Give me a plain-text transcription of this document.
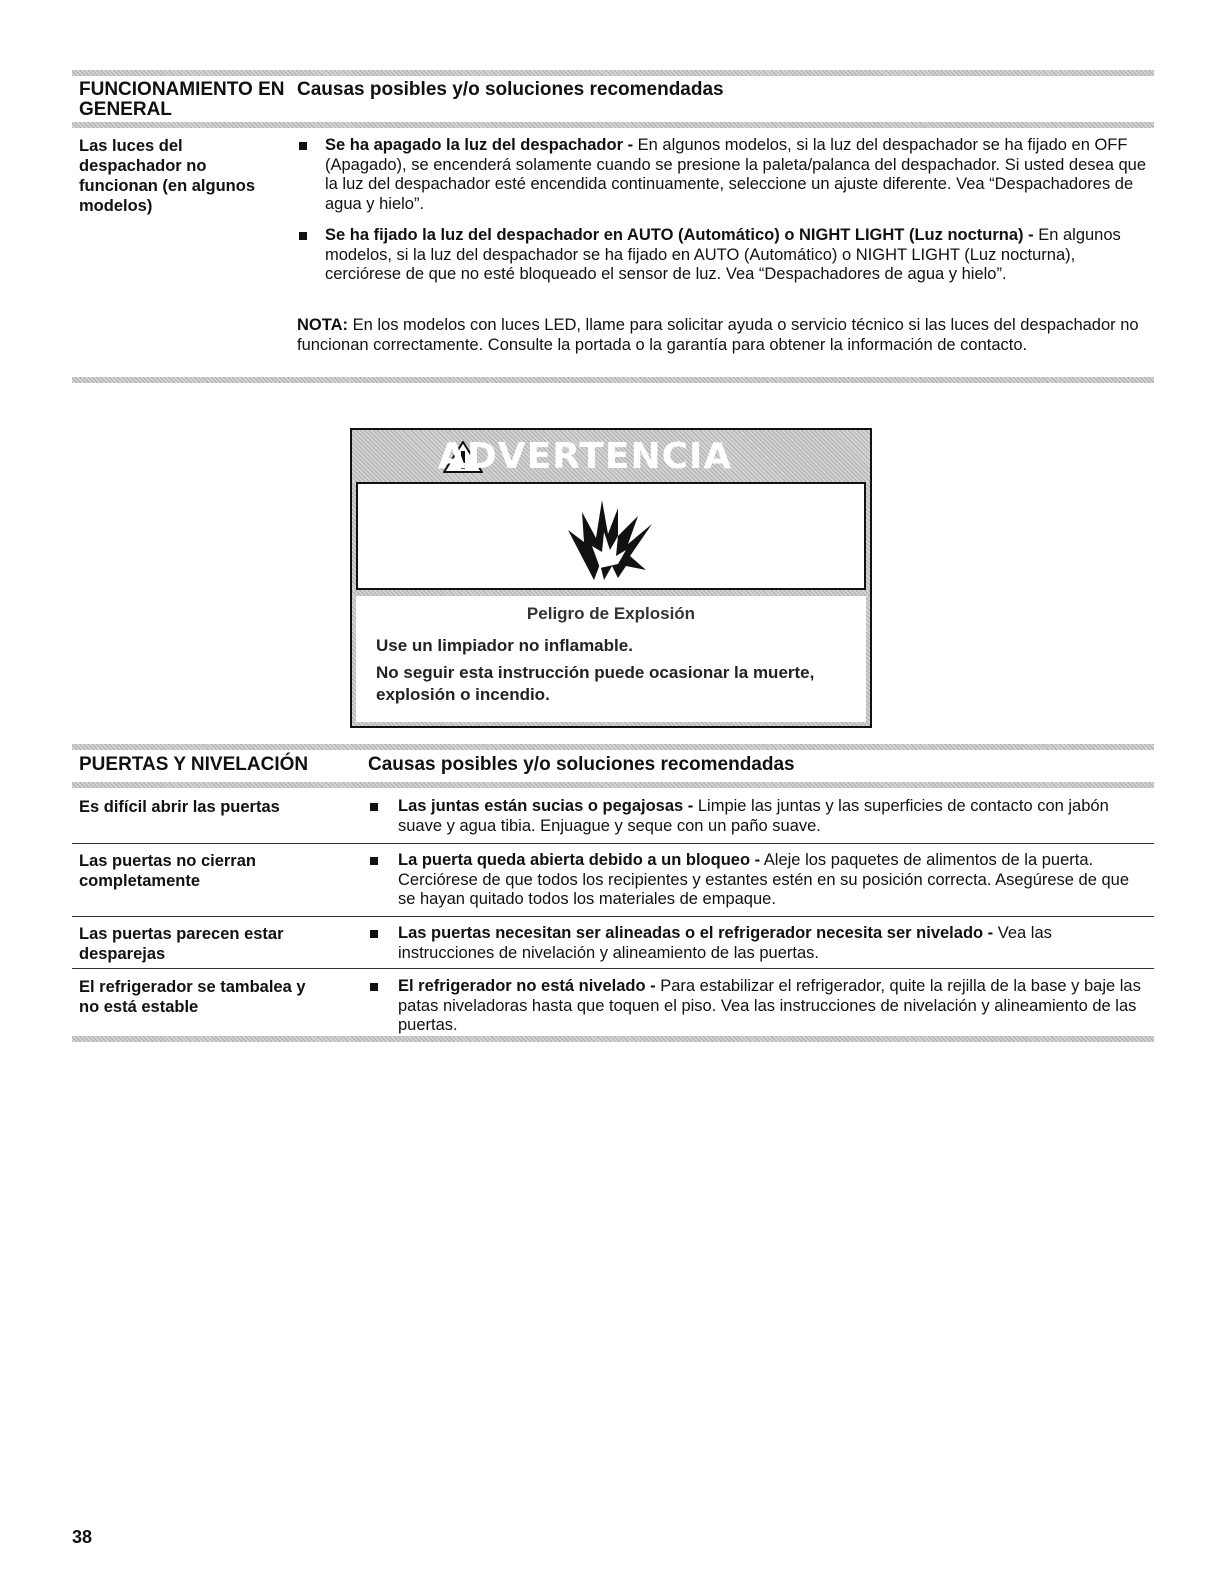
FUNCIONAMIENTO EN GENERAL
Causas posibles y/o soluciones recomendadas
Las luces del despachador no funcionan (en algunos modelos)
Se ha apagado la luz del despachador - En algunos modelos, si la luz del despachador se ha fijado en OFF (Apagado), se encenderá solamente cuando se presione la paleta/palanca del despachador. Si usted desea que la luz del despachador esté encendida continuamente, seleccione un ajuste diferente. Vea “Despachadores de agua y hielo”.
Se ha fijado la luz del despachador en AUTO (Automático) o NIGHT LIGHT (Luz nocturna) - En algunos modelos, si la luz del despachador se ha fijado en AUTO (Automático) o NIGHT LIGHT (Luz nocturna), cerciórese de que no esté bloqueado el sensor de luz. Vea “Despachadores de agua y hielo”.
NOTA: En los modelos con luces LED, llame para solicitar ayuda o servicio técnico si las luces del despachador no funcionan correctamente. Consulte la portada o la garantía para obtener la información de contacto.
ADVERTENCIA
Peligro de Explosión
Use un limpiador no inflamable.
No seguir esta instrucción puede ocasionar la muerte, explosión o incendio.
PUERTAS Y NIVELACIÓN	Causas posibles y/o soluciones recomendadas
Es difícil abrir las puertas	Las juntas están sucias o pegajosas - Limpie las juntas y las superficies de contacto con jabón suave y agua tibia. Enjuague y seque con un paño suave.
Las puertas no cierran completamente
La puerta queda abierta debido a un bloqueo - Aleje los paquetes de alimentos de la puerta. Cerciórese de que todos los recipientes y estantes estén en su posición correcta. Asegúrese de que se hayan quitado todos los materiales de empaque.
Las puertas parecen estar desparejas
Las puertas necesitan ser alineadas o el refrigerador necesita ser nivelado - Vea las instrucciones de nivelación y alineamiento de las puertas.
El refrigerador se tambalea y no está estable
El refrigerador no está nivelado - Para estabilizar el refrigerador, quite la rejilla de la base y baje las patas niveladoras hasta que toquen el piso. Vea las instrucciones de nivelación y alineamiento de las puertas.
38
